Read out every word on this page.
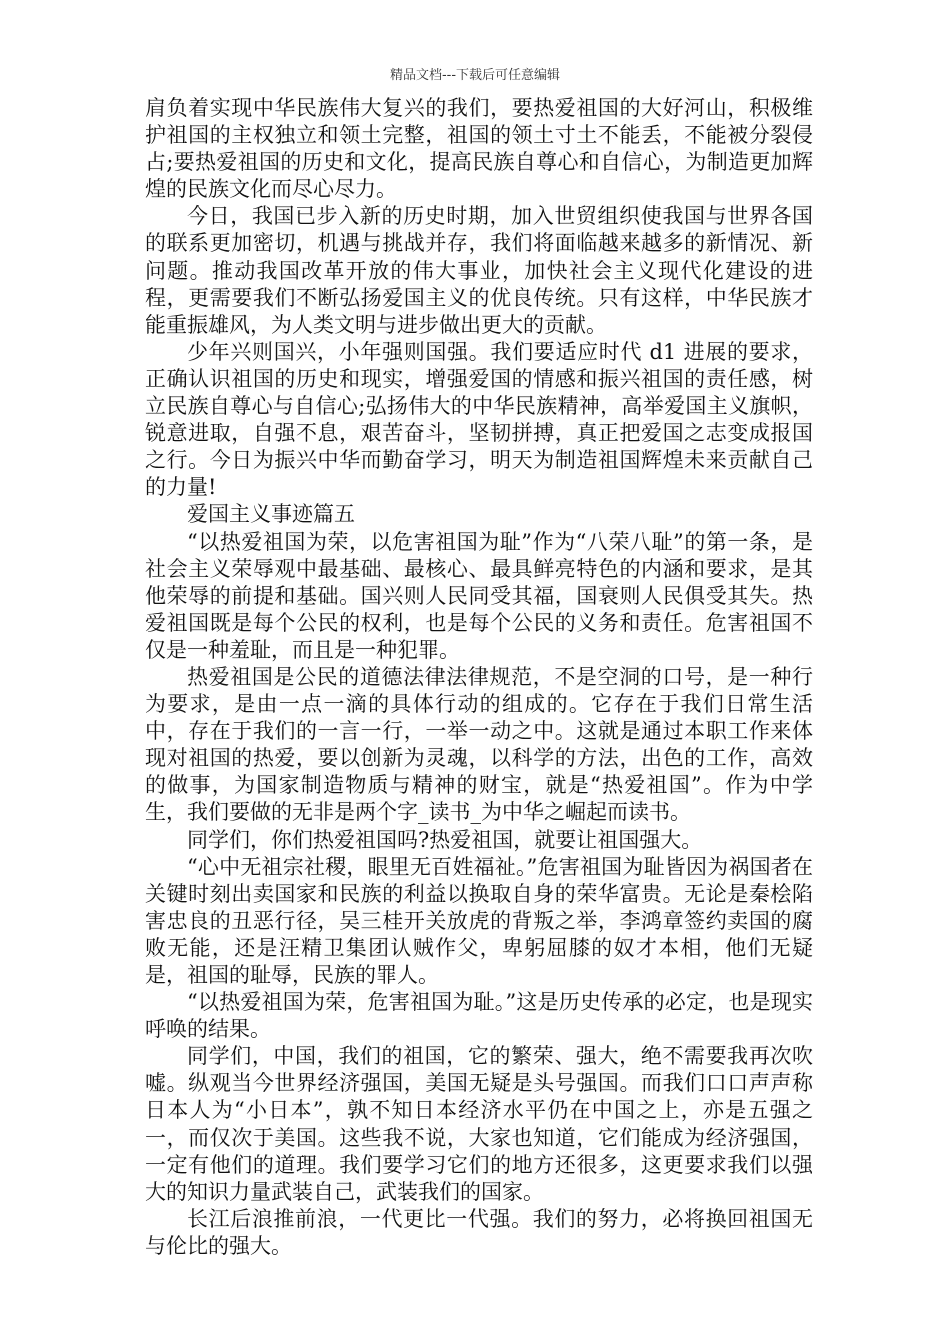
精品文档---下载后可任意编辑

肩负着实现中华民族伟大复兴的我们，要热爱祖国的大好河山，积极维护祖国的主权独立和领土完整，祖国的领土寸土不能丢，不能被分裂侵占;要热爱祖国的历史和文化，提高民族自尊心和自信心，为制造更加辉煌的民族文化而尽心尽力。

今日，我国已步入新的历史时期，加入世贸组织使我国与世界各国的联系更加密切，机遇与挑战并存，我们将面临越来越多的新情况、新问题。推动我国改革开放的伟大事业，加快社会主义现代化建设的进程，更需要我们不断弘扬爱国主义的优良传统。只有这样，中华民族才能重振雄风，为人类文明与进步做出更大的贡献。

少年兴则国兴，小年强则国强。我们要适应时代 d1 进展的要求，正确认识祖国的历史和现实，增强爱国的情感和振兴祖国的责任感，树立民族自尊心与自信心;弘扬伟大的中华民族精神，高举爱国主义旗帜，锐意进取，自强不息，艰苦奋斗，坚韧拼搏，真正把爱国之志变成报国之行。今日为振兴中华而勤奋学习，明天为制造祖国辉煌未来贡献自己的力量!

爱国主义事迹篇五

“以热爱祖国为荣，以危害祖国为耻”作为“八荣八耻”的第一条，是社会主义荣辱观中最基础、最核心、最具鲜亮特色的内涵和要求，是其他荣辱的前提和基础。国兴则人民同受其福，国衰则人民俱受其失。热爱祖国既是每个公民的权利，也是每个公民的义务和责任。危害祖国不仅是一种羞耻，而且是一种犯罪。

热爱祖国是公民的道德法律法律规范，不是空洞的口号，是一种行为要求，是由一点一滴的具体行动的组成的。它存在于我们日常生活中，存在于我们的一言一行，一举一动之中。这就是通过本职工作来体现对祖国的热爱，要以创新为灵魂，以科学的方法，出色的工作，高效的做事，为国家制造物质与精神的财宝，就是“热爱祖国”。作为中学生，我们要做的无非是两个字_读书_为中华之崛起而读书。

同学们，你们热爱祖国吗?热爱祖国，就要让祖国强大。

“心中无祖宗社稷，眼里无百姓福祉。”危害祖国为耻皆因为祸国者在关键时刻出卖国家和民族的利益以换取自身的荣华富贵。无论是秦桧陷害忠良的丑恶行径，吴三桂开关放虎的背叛之举，李鸿章签约卖国的腐败无能，还是汪精卫集团认贼作父，卑躬屈膝的奴才本相，他们无疑是，祖国的耻辱，民族的罪人。

“以热爱祖国为荣，危害祖国为耻。”这是历史传承的必定，也是现实呼唤的结果。

同学们，中国，我们的祖国，它的繁荣、强大，绝不需要我再次吹嘘。纵观当今世界经济强国，美国无疑是头号强国。而我们口口声声称日本人为“小日本”，孰不知日本经济水平仍在中国之上，亦是五强之一，而仅次于美国。这些我不说，大家也知道，它们能成为经济强国，一定有他们的道理。我们要学习它们的地方还很多，这更要求我们以强大的知识力量武装自己，武装我们的国家。

长江后浪推前浪，一代更比一代强。我们的努力，必将换回祖国无与伦比的强大。
